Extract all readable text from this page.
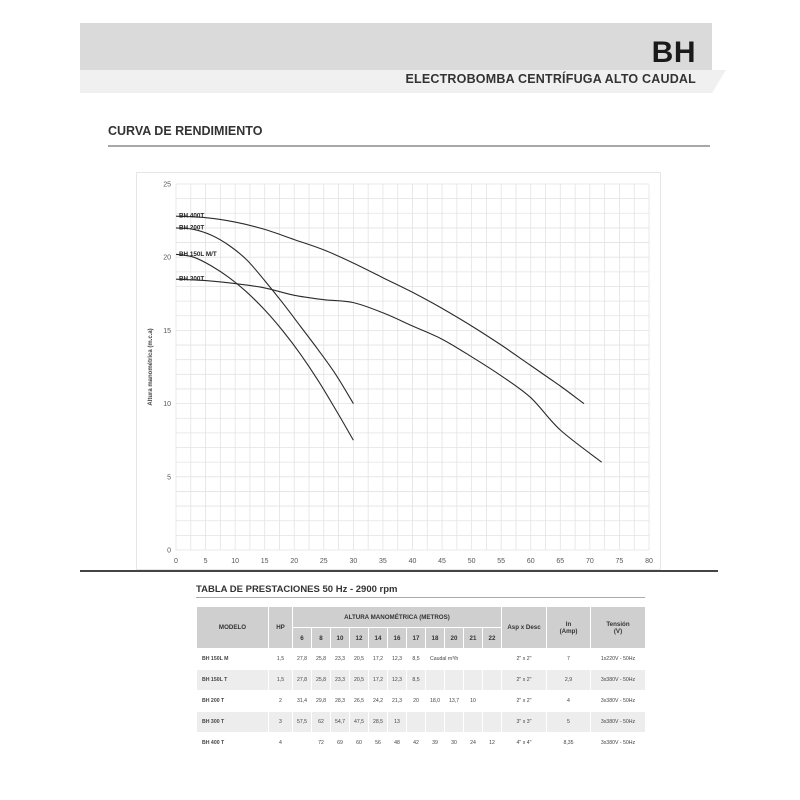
BH
ELECTROBOMBA CENTRÍFUGA ALTO CAUDAL
CURVA DE RENDIMIENTO
0	5	10	15	20	25	30	35	40	45	50	55	60	65	70	75	80
0
5
10
15
20
25
Altura manométrica (m.c.a)
BH 400T
BH 200T
BH 150L M/T
BH 300T
TABLA DE PRESTACIONES 50 Hz - 2900 rpm
MODELO	HP	ALTURA MANOMÉTRICA (METROS)											Asp x Desc	In
(Amp)	Tensión
(V)
		6	8	10	12	14	16	17	18	20	21	22			
BH 150L M	1,5	27,8	25,8	23,3	20,5	17,2	12,3	8,5	Caudal m³/h				2" x 2"	7	1x220V - 50Hz
BH 150L T	1,5	27,8	25,8	23,3	20,5	17,2	12,3	8,5					2" x 2"	2,9	3x380V - 50Hz
BH 200 T	2	31,4	29,8	28,3	26,5	24,2	21,3	20	18,0	13,7	10		2" x 2"	4	3x380V - 50Hz
BH 300 T	3	57,5	62	54,7	47,5	28,5	13						3" x 3"	5	3x380V - 50Hz
BH 400 T	4		72	69	60	56	48	42	39	30	24	12	4" x 4"	8,35	3x380V - 50Hz
